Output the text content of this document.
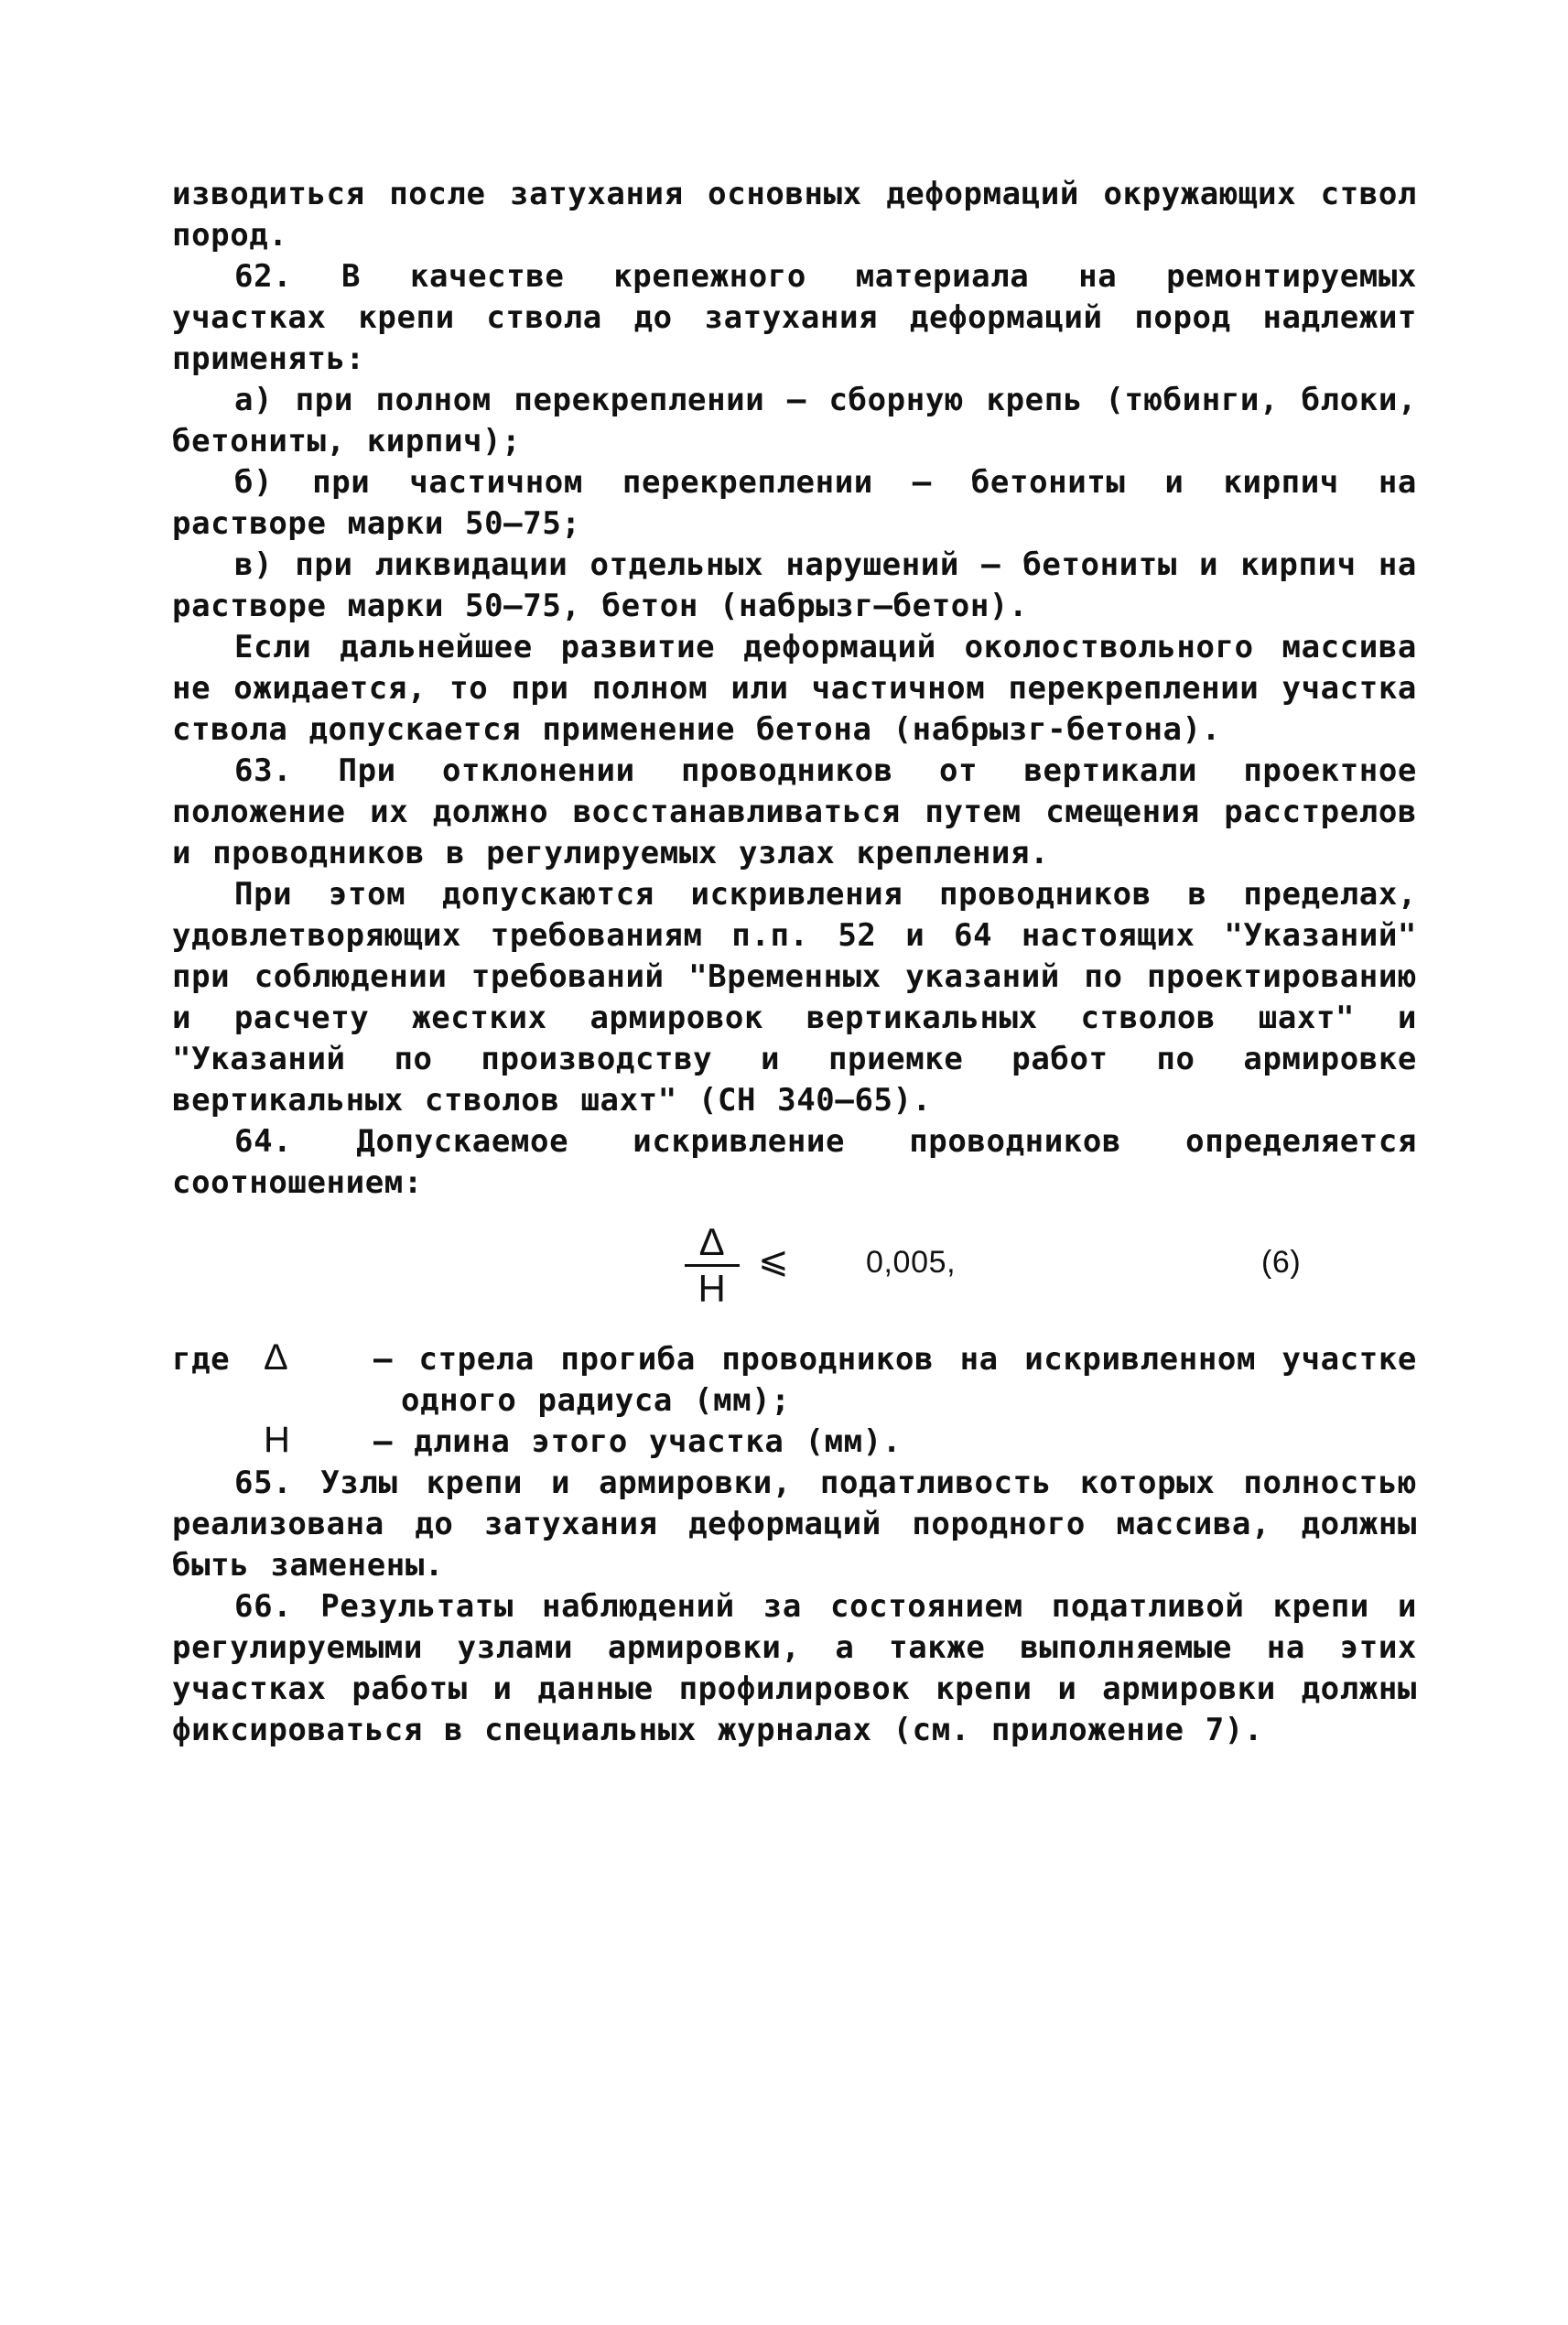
изводиться после затухания основных деформаций окружающих ствол пород.

62. В качестве крепежного материала на ремонтируемых участках крепи ствола до затухания деформаций пород надлежит применять:

а) при полном перекреплении – сборную крепь (тюбинги, блоки, бетониты, кирпич);

б) при частичном перекреплении – бетониты и кирпич на растворе марки 50–75;

в) при ликвидации отдельных нарушений – бетониты и кирпич на растворе марки 50–75, бетон (набрызг–бетон).

Если дальнейшее развитие деформаций околоствольного массива не ожидается, то при полном или частичном перекреплении участка ствола допускается применение бетона (набрызг-бетона).

63. При отклонении проводников от вертикали проектное положение их должно восстанавливаться путем смещения расстрелов и проводников в регулируемых узлах крепления.

При этом допускаются искривления проводников в пределах, удовлетворяющих требованиям п.п. 52 и 64 настоящих "Указаний" при соблюдении требований "Временных указаний по проектированию и расчету жестких армировок вертикальных стволов шахт" и "Указаний по производству и приемке работ по армировке вертикальных стволов шахт" (СН 340–65).

64. Допускаемое искривление проводников определяется соотношением:

Δ
Н
⩽ 0,005,	(6)
где Δ	– стрела прогиба проводников на искривленном участке одного радиуса (мм);
Н	– длина этого участка (мм).

65. Узлы крепи и армировки, податливость которых полностью реализована до затухания деформаций породного массива, должны быть заменены.

66. Результаты наблюдений за состоянием податливой крепи и регулируемыми узлами армировки, а также выполняемые на этих участках работы и данные профилировок крепи и армировки должны фиксироваться в специальных журналах (см. приложение 7).
